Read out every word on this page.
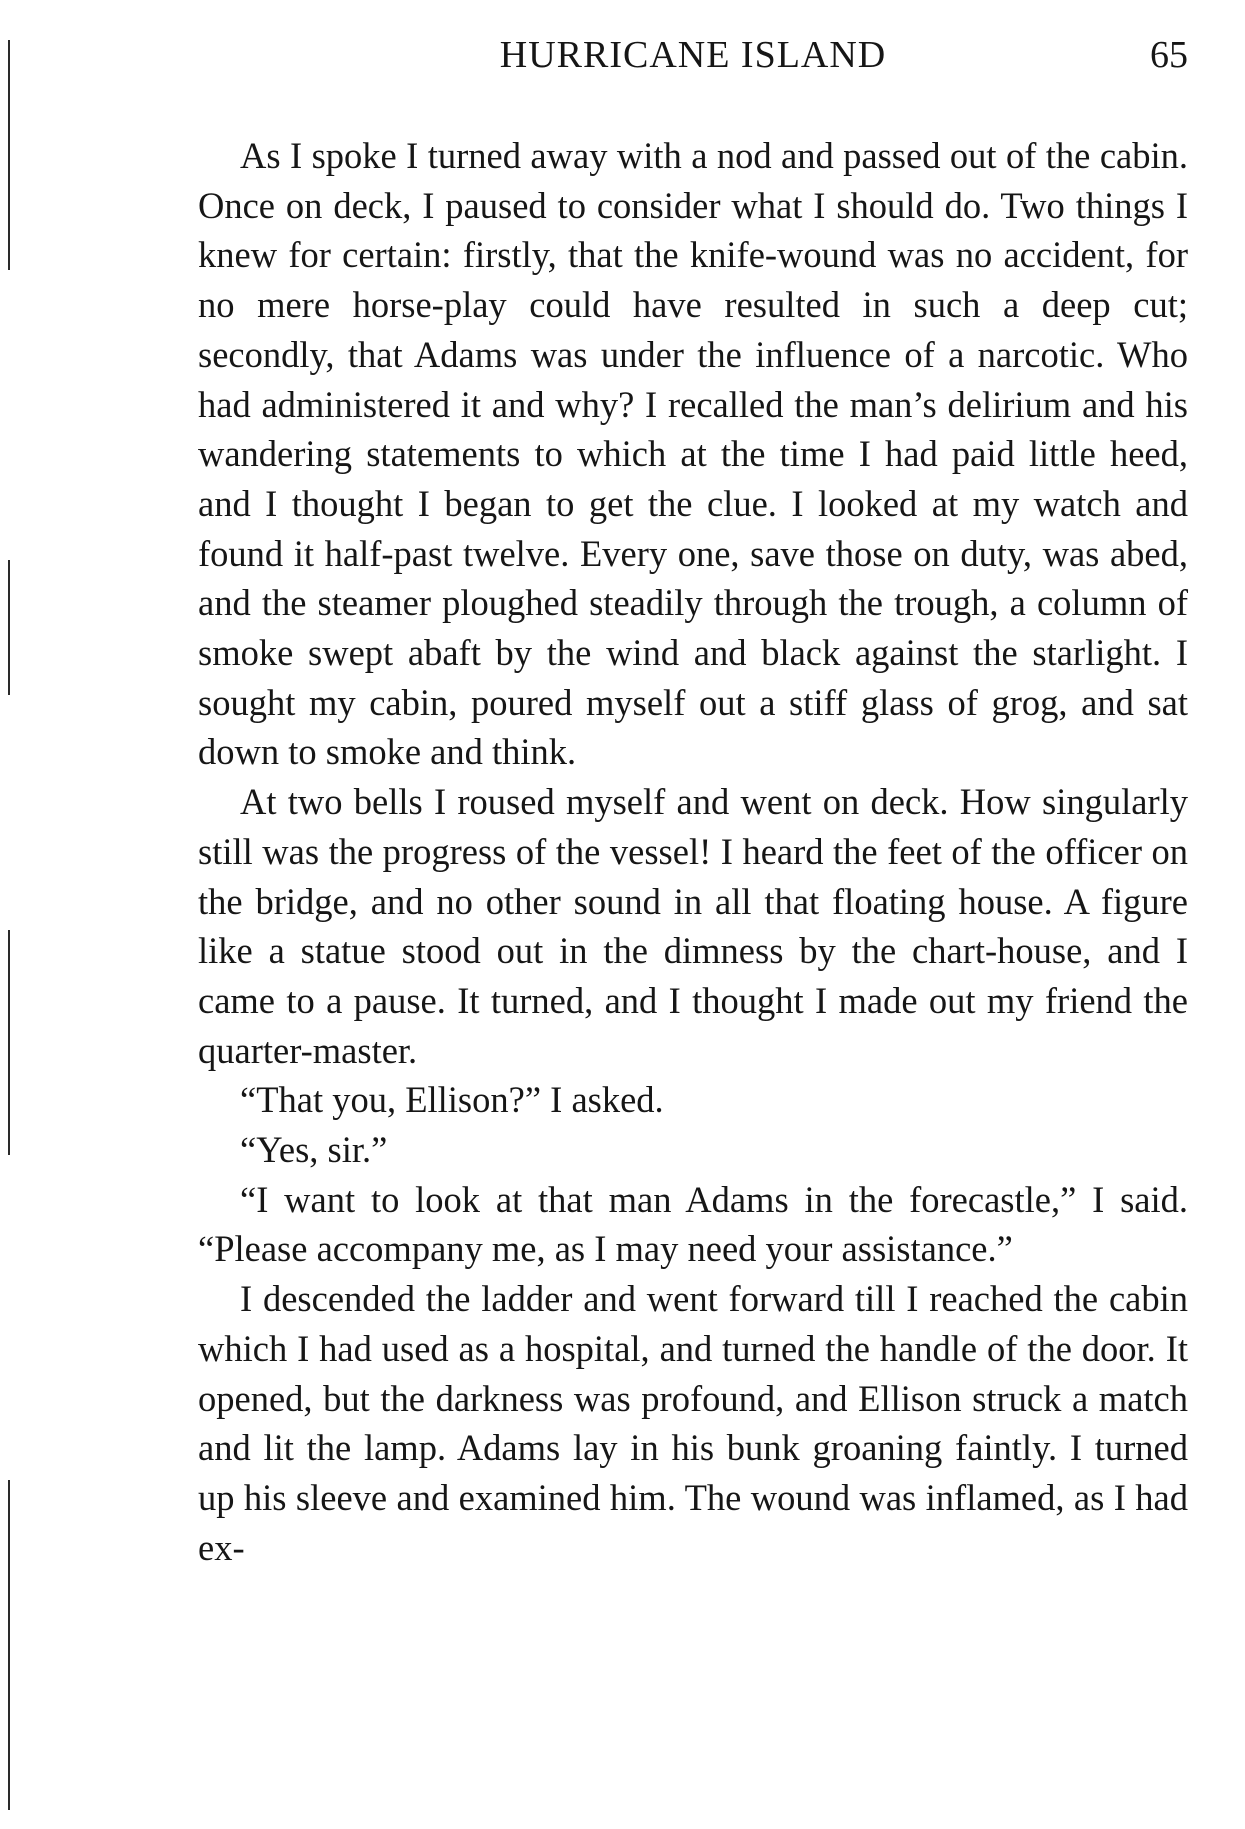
HURRICANE ISLAND	65

As I spoke I turned away with a nod and passed out of the cabin. Once on deck, I paused to consider what I should do. Two things I knew for certain: firstly, that the knife-wound was no accident, for no mere horse-play could have resulted in such a deep cut; secondly, that Adams was under the influence of a narcotic. Who had administered it and why? I recalled the man’s delirium and his wandering statements to which at the time I had paid little heed, and I thought I began to get the clue. I looked at my watch and found it half-past twelve. Every one, save those on duty, was abed, and the steamer ploughed steadily through the trough, a column of smoke swept abaft by the wind and black against the starlight. I sought my cabin, poured myself out a stiff glass of grog, and sat down to smoke and think.

At two bells I roused myself and went on deck. How singularly still was the progress of the vessel! I heard the feet of the officer on the bridge, and no other sound in all that floating house. A figure like a statue stood out in the dimness by the chart-house, and I came to a pause. It turned, and I thought I made out my friend the quarter-master.

“That you, Ellison?” I asked.

“Yes, sir.”

“I want to look at that man Adams in the forecastle,” I said. “Please accompany me, as I may need your assistance.”

I descended the ladder and went forward till I reached the cabin which I had used as a hospital, and turned the handle of the door. It opened, but the darkness was profound, and Ellison struck a match and lit the lamp. Adams lay in his bunk groaning faintly. I turned up his sleeve and examined him. The wound was inflamed, as I had ex-
